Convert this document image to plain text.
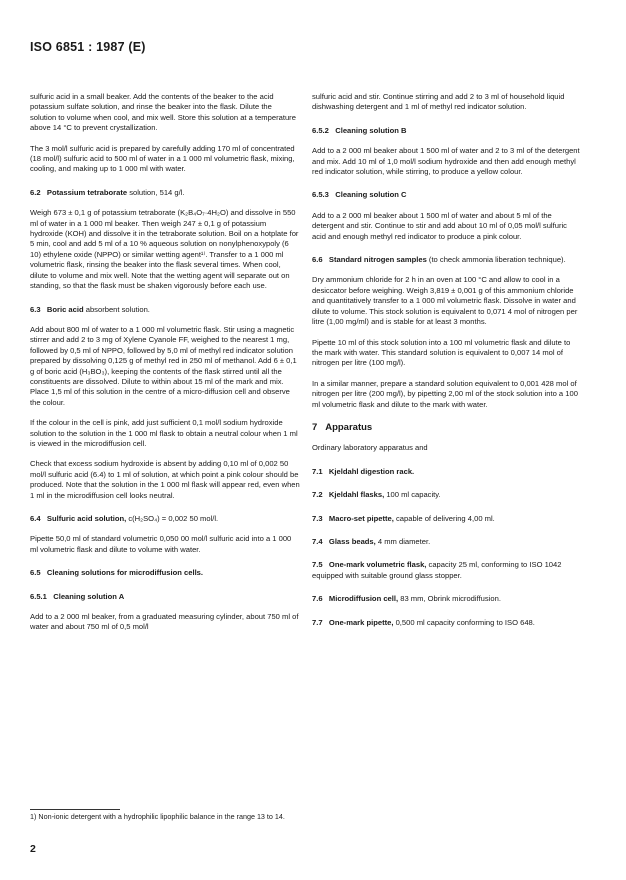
ISO 6851 : 1987 (E)

sulfuric acid in a small beaker. Add the contents of the beaker to the acid potassium sulfate solution, and rinse the beaker into the flask. Dilute the solution to volume when cool, and mix well. Store this solution at a temperature above 14 °C to prevent crystallization.

The 3 mol/l sulfuric acid is prepared by carefully adding 170 ml of concentrated (18 mol/l) sulfuric acid to 500 ml of water in a 1 000 ml volumetric flask, mixing, cooling, and making up to 1 000 ml with water.

6.2 Potassium tetraborate solution, 514 g/l.

Weigh 673 ± 0,1 g of potassium tetraborate (K₂B₄O₇·4H₂O) and dissolve in 550 ml of water in a 1 000 ml beaker. Then weigh 247 ± 0,1 g of potassium hydroxide (KOH) and dissolve it in the tetraborate solution. Boil on a hotplate for 5 min, cool and add 5 ml of a 10 % aqueous solution on nonylphenoxypoly (6 10) ethylene oxide (NPPO) or similar wetting agent¹⁾. Transfer to a 1 000 ml volumetric flask, rinsing the beaker into the flask several times. When cool, dilute to volume and mix well. Note that the wetting agent will separate out on standing, so that the flask must be shaken vigorously before each use.

6.3 Boric acid absorbent solution.

Add about 800 ml of water to a 1 000 ml volumetric flask. Stir using a magnetic stirrer and add 2 to 3 mg of Xylene Cyanole FF, weighed to the nearest 1 mg, followed by 0,5 ml of NPPO, followed by 5,0 ml of methyl red indicator solution prepared by dissolving 0,125 g of methyl red in 250 ml of methanol. Add 6 ± 0,1 g of boric acid (H₃BO₃), keeping the contents of the flask stirred until all the constituents are dissolved. Dilute to within about 15 ml of the mark and mix. Place 1,5 ml of this solution in the centre of a micro-diffusion cell and observe the colour.

If the colour in the cell is pink, add just sufficient 0,1 mol/l sodium hydroxide solution to the solution in the 1 000 ml flask to obtain a neutral colour when 1 ml is viewed in the microdiffusion cell.

Check that excess sodium hydroxide is absent by adding 0,10 ml of 0,002 50 mol/l sulfuric acid (6.4) to 1 ml of solution, at which point a pink colour should be produced. Note that the solution in the 1 000 ml flask will appear red, even when 1 ml in the microdiffusion cell looks neutral.

6.4 Sulfuric acid solution, c(H₂SO₄) = 0,002 50 mol/l.

Pipette 50,0 ml of standard volumetric 0,050 00 mol/l sulfuric acid into a 1 000 ml volumetric flask and dilute to volume with water.

6.5 Cleaning solutions for microdiffusion cells.

6.5.1 Cleaning solution A

Add to a 2 000 ml beaker, from a graduated measuring cylinder, about 750 ml of water and about 750 ml of 0,5 mol/l

sulfuric acid and stir. Continue stirring and add 2 to 3 ml of household liquid dishwashing detergent and 1 ml of methyl red indicator solution.

6.5.2 Cleaning solution B

Add to a 2 000 ml beaker about 1 500 ml of water and 2 to 3 ml of the detergent and mix. Add 10 ml of 1,0 mol/l sodium hydroxide and then add enough methyl red indicator solution, while stirring, to produce a yellow colour.

6.5.3 Cleaning solution C

Add to a 2 000 ml beaker about 1 500 ml of water and about 5 ml of the detergent and stir. Continue to stir and add about 10 ml of 0,05 mol/l sulfuric acid and enough methyl red indicator to produce a pink colour.

6.6 Standard nitrogen samples (to check ammonia liberation technique).

Dry ammonium chloride for 2 h in an oven at 100 °C and allow to cool in a desiccator before weighing. Weigh 3,819 ± 0,001 g of this ammonium chloride and quantitatively transfer to a 1 000 ml volumetric flask. Dissolve in water and dilute to volume. This stock solution is equivalent to 0,071 4 mol of nitrogen per litre (1,00 mg/ml) and is stable for at least 3 months.

Pipette 10 ml of this stock solution into a 100 ml volumetric flask and dilute to the mark with water. This standard solution is equivalent to 0,007 14 mol of nitrogen per litre (100 mg/l).

In a similar manner, prepare a standard solution equivalent to 0,001 428 mol of nitrogen per litre (200 mg/l), by pipetting 2,00 ml of the stock solution into a 100 ml volumetric flask and dilute to the mark with water.

7 Apparatus

Ordinary laboratory apparatus and

7.1 Kjeldahl digestion rack.

7.2 Kjeldahl flasks, 100 ml capacity.

7.3 Macro-set pipette, capable of delivering 4,00 ml.

7.4 Glass beads, 4 mm diameter.

7.5 One-mark volumetric flask, capacity 25 ml, conforming to ISO 1042 equipped with suitable ground glass stopper.

7.6 Microdiffusion cell, 83 mm, Obrink microdiffusion.

7.7 One-mark pipette, 0,500 ml capacity conforming to ISO 648.

1) Non-ionic detergent with a hydrophilic lipophilic balance in the range 13 to 14.
2
